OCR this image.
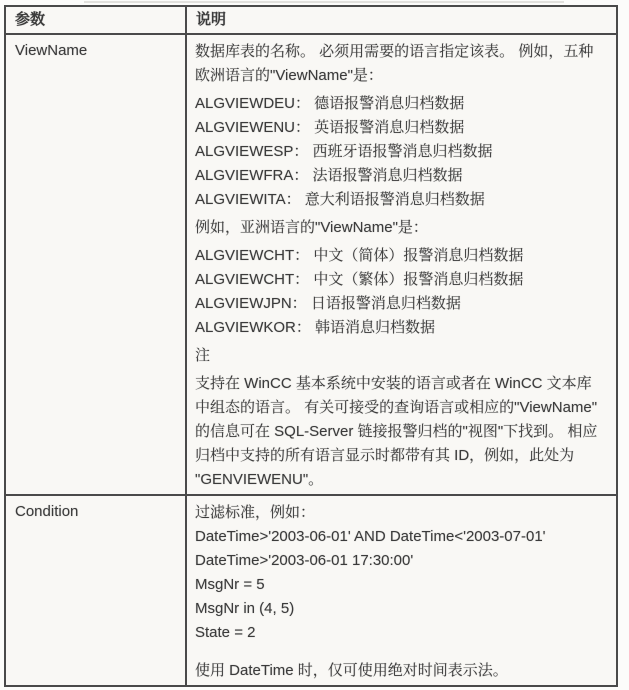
参数	说明
ViewName	数据库表的名称。 必须用需要的语言指定该表。 例如，五种
欧洲语言的"ViewName"是：
ALGVIEWDEU： 德语报警消息归档数据
ALGVIEWENU： 英语报警消息归档数据
ALGVIEWESP： 西班牙语报警消息归档数据
ALGVIEWFRA： 法语报警消息归档数据
ALGVIEWITA： 意大利语报警消息归档数据
例如，亚洲语言的"ViewName"是：
ALGVIEWCHT： 中文（简体）报警消息归档数据
ALGVIEWCHT： 中文（繁体）报警消息归档数据
ALGVIEWJPN： 日语报警消息归档数据
ALGVIEWKOR： 韩语消息归档数据
注
支持在 WinCC 基本系统中安装的语言或者在 WinCC 文本库
中组态的语言。 有关可接受的查询语言或相应的"ViewName"
的信息可在 SQL-Server 链接报警归档的"视图"下找到。 相应
归档中支持的所有语言显示时都带有其 ID，例如，此处为
"GENVIEWENU"。

Condition	过滤标准，例如：
DateTime>'2003-06-01' AND DateTime<'2003-07-01'
DateTime>'2003-06-01 17:30:00'
MsgNr = 5
MsgNr in (4, 5)
State = 2
使用 DateTime 时，仅可使用绝对时间表示法。
